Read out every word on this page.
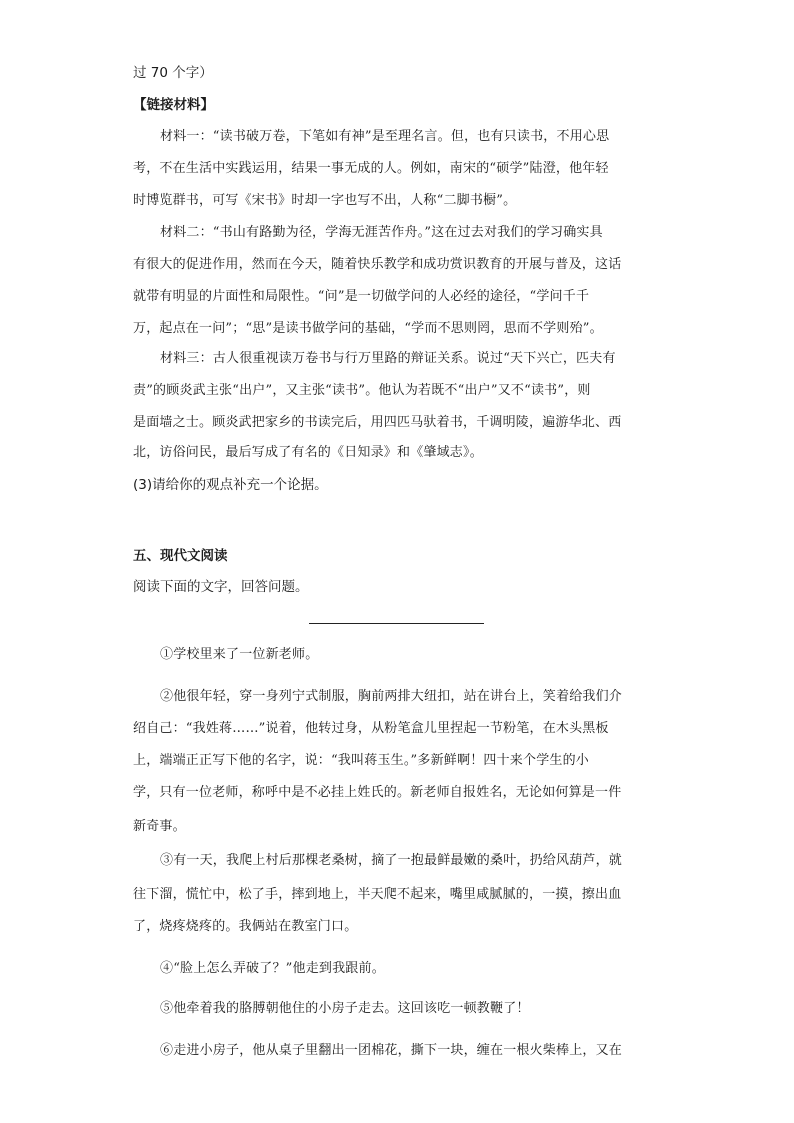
过 70 个字）
【链接材料】
材料一：“读书破万卷，下笔如有神”是至理名言。但，也有只读书，不用心思
考，不在生活中实践运用，结果一事无成的人。例如，南宋的“硕学”陆澄，他年轻
时博览群书，可写《宋书》时却一字也写不出，人称“二脚书橱”。
材料二：“书山有路勤为径，学海无涯苦作舟。”这在过去对我们的学习确实具
有很大的促进作用，然而在今天，随着快乐教学和成功赏识教育的开展与普及，这话
就带有明显的片面性和局限性。“问”是一切做学问的人必经的途径，“学问千千
万，起点在一问”；“思”是读书做学问的基础，“学而不思则罔，思而不学则殆”。
材料三：古人很重视读万卷书与行万里路的辩证关系。说过“天下兴亡，匹夫有
责”的顾炎武主张“出户”，又主张“读书”。他认为若既不“出户”又不“读书”，则
是面墙之士。顾炎武把家乡的书读完后，用四匹马驮着书，千调明陵，遍游华北、西
北，访俗问民，最后写成了有名的《日知录》和《肇域志》。
(3)请给你的观点补充一个论据。
五、现代文阅读
阅读下面的文字，回答问题。
①学校里来了一位新老师。
②他很年轻，穿一身列宁式制服，胸前两排大纽扣，站在讲台上，笑着给我们介
绍自己：“我姓蒋……”说着，他转过身，从粉笔盒儿里捏起一节粉笔，在木头黑板
上，端端正正写下他的名字，说：“我叫蒋玉生。”多新鲜啊！四十来个学生的小
学，只有一位老师，称呼中是不必挂上姓氏的。新老师自报姓名，无论如何算是一件
新奇事。
③有一天，我爬上村后那棵老桑树，摘了一抱最鲜最嫩的桑叶，扔给风葫芦，就
往下溜，慌忙中，松了手，摔到地上，半天爬不起来，嘴里咸腻腻的，一摸，擦出血
了，烧疼烧疼的。我俩站在教室门口。
④“脸上怎么弄破了？”他走到我跟前。
⑤他牵着我的胳膊朝他住的小房子走去。这回该吃一顿教鞭了！
⑥走进小房子，他从桌子里翻出一团棉花，撕下一块，缠在一根火柴棒上，又在
